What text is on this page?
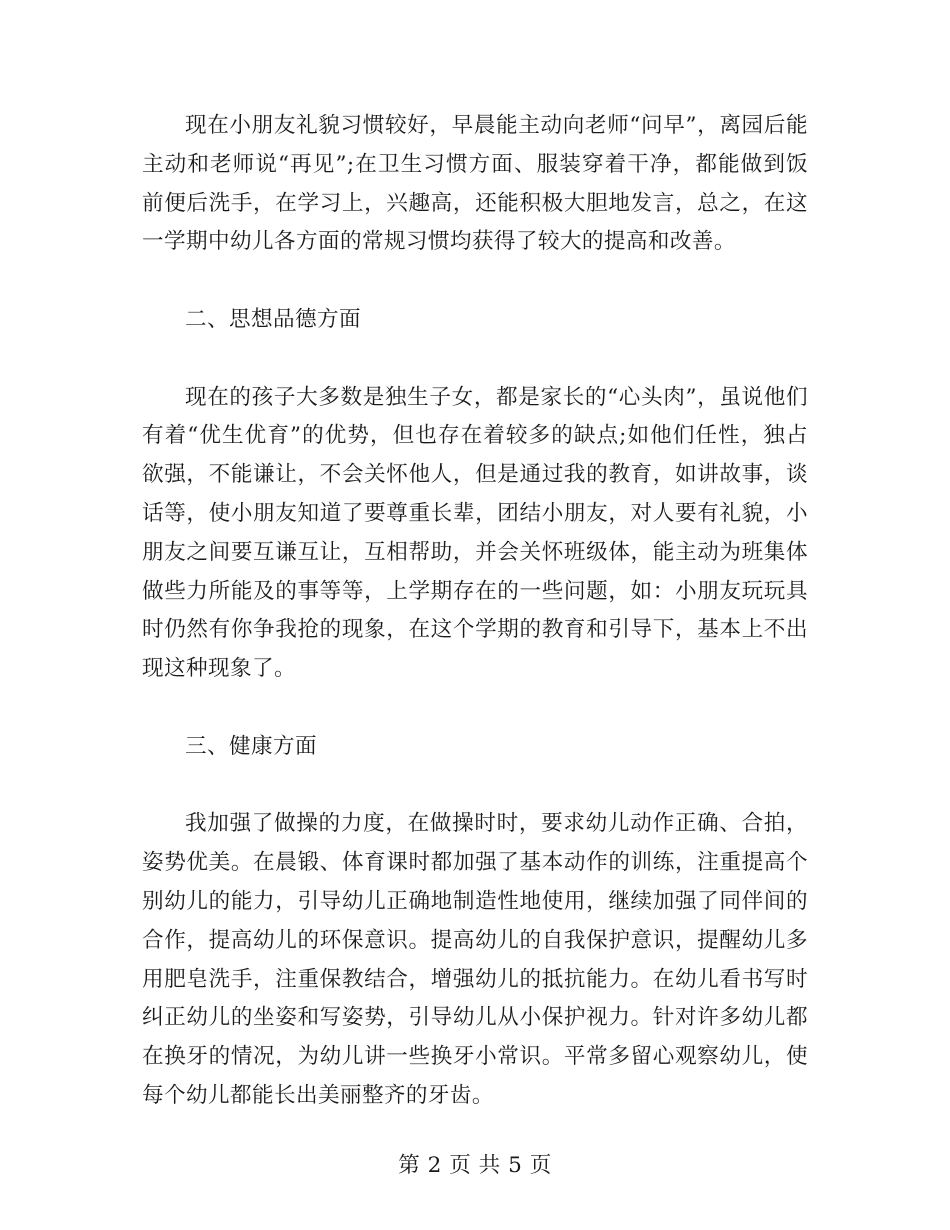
现在小朋友礼貌习惯较好，早晨能主动向老师“问早”，离园后能主动和老师说“再见”;在卫生习惯方面、服装穿着干净，都能做到饭前便后洗手，在学习上，兴趣高，还能积极大胆地发言，总之，在这一学期中幼儿各方面的常规习惯均获得了较大的提高和改善。

二、思想品德方面

现在的孩子大多数是独生子女，都是家长的“心头肉”，虽说他们有着“优生优育”的优势，但也存在着较多的缺点;如他们任性，独占欲强，不能谦让，不会关怀他人，但是通过我的教育，如讲故事，谈话等，使小朋友知道了要尊重长辈，团结小朋友，对人要有礼貌，小朋友之间要互谦互让，互相帮助，并会关怀班级体，能主动为班集体做些力所能及的事等等，上学期存在的一些问题，如：小朋友玩玩具时仍然有你争我抢的现象，在这个学期的教育和引导下，基本上不出现这种现象了。

三、健康方面

我加强了做操的力度，在做操时时，要求幼儿动作正确、合拍，姿势优美。在晨锻、体育课时都加强了基本动作的训练，注重提高个别幼儿的能力，引导幼儿正确地制造性地使用，继续加强了同伴间的合作，提高幼儿的环保意识。提高幼儿的自我保护意识，提醒幼儿多用肥皂洗手，注重保教结合，增强幼儿的抵抗能力。在幼儿看书写时纠正幼儿的坐姿和写姿势，引导幼儿从小保护视力。针对许多幼儿都在换牙的情况，为幼儿讲一些换牙小常识。平常多留心观察幼儿，使每个幼儿都能长出美丽整齐的牙齿。

第 2 页 共 5 页
